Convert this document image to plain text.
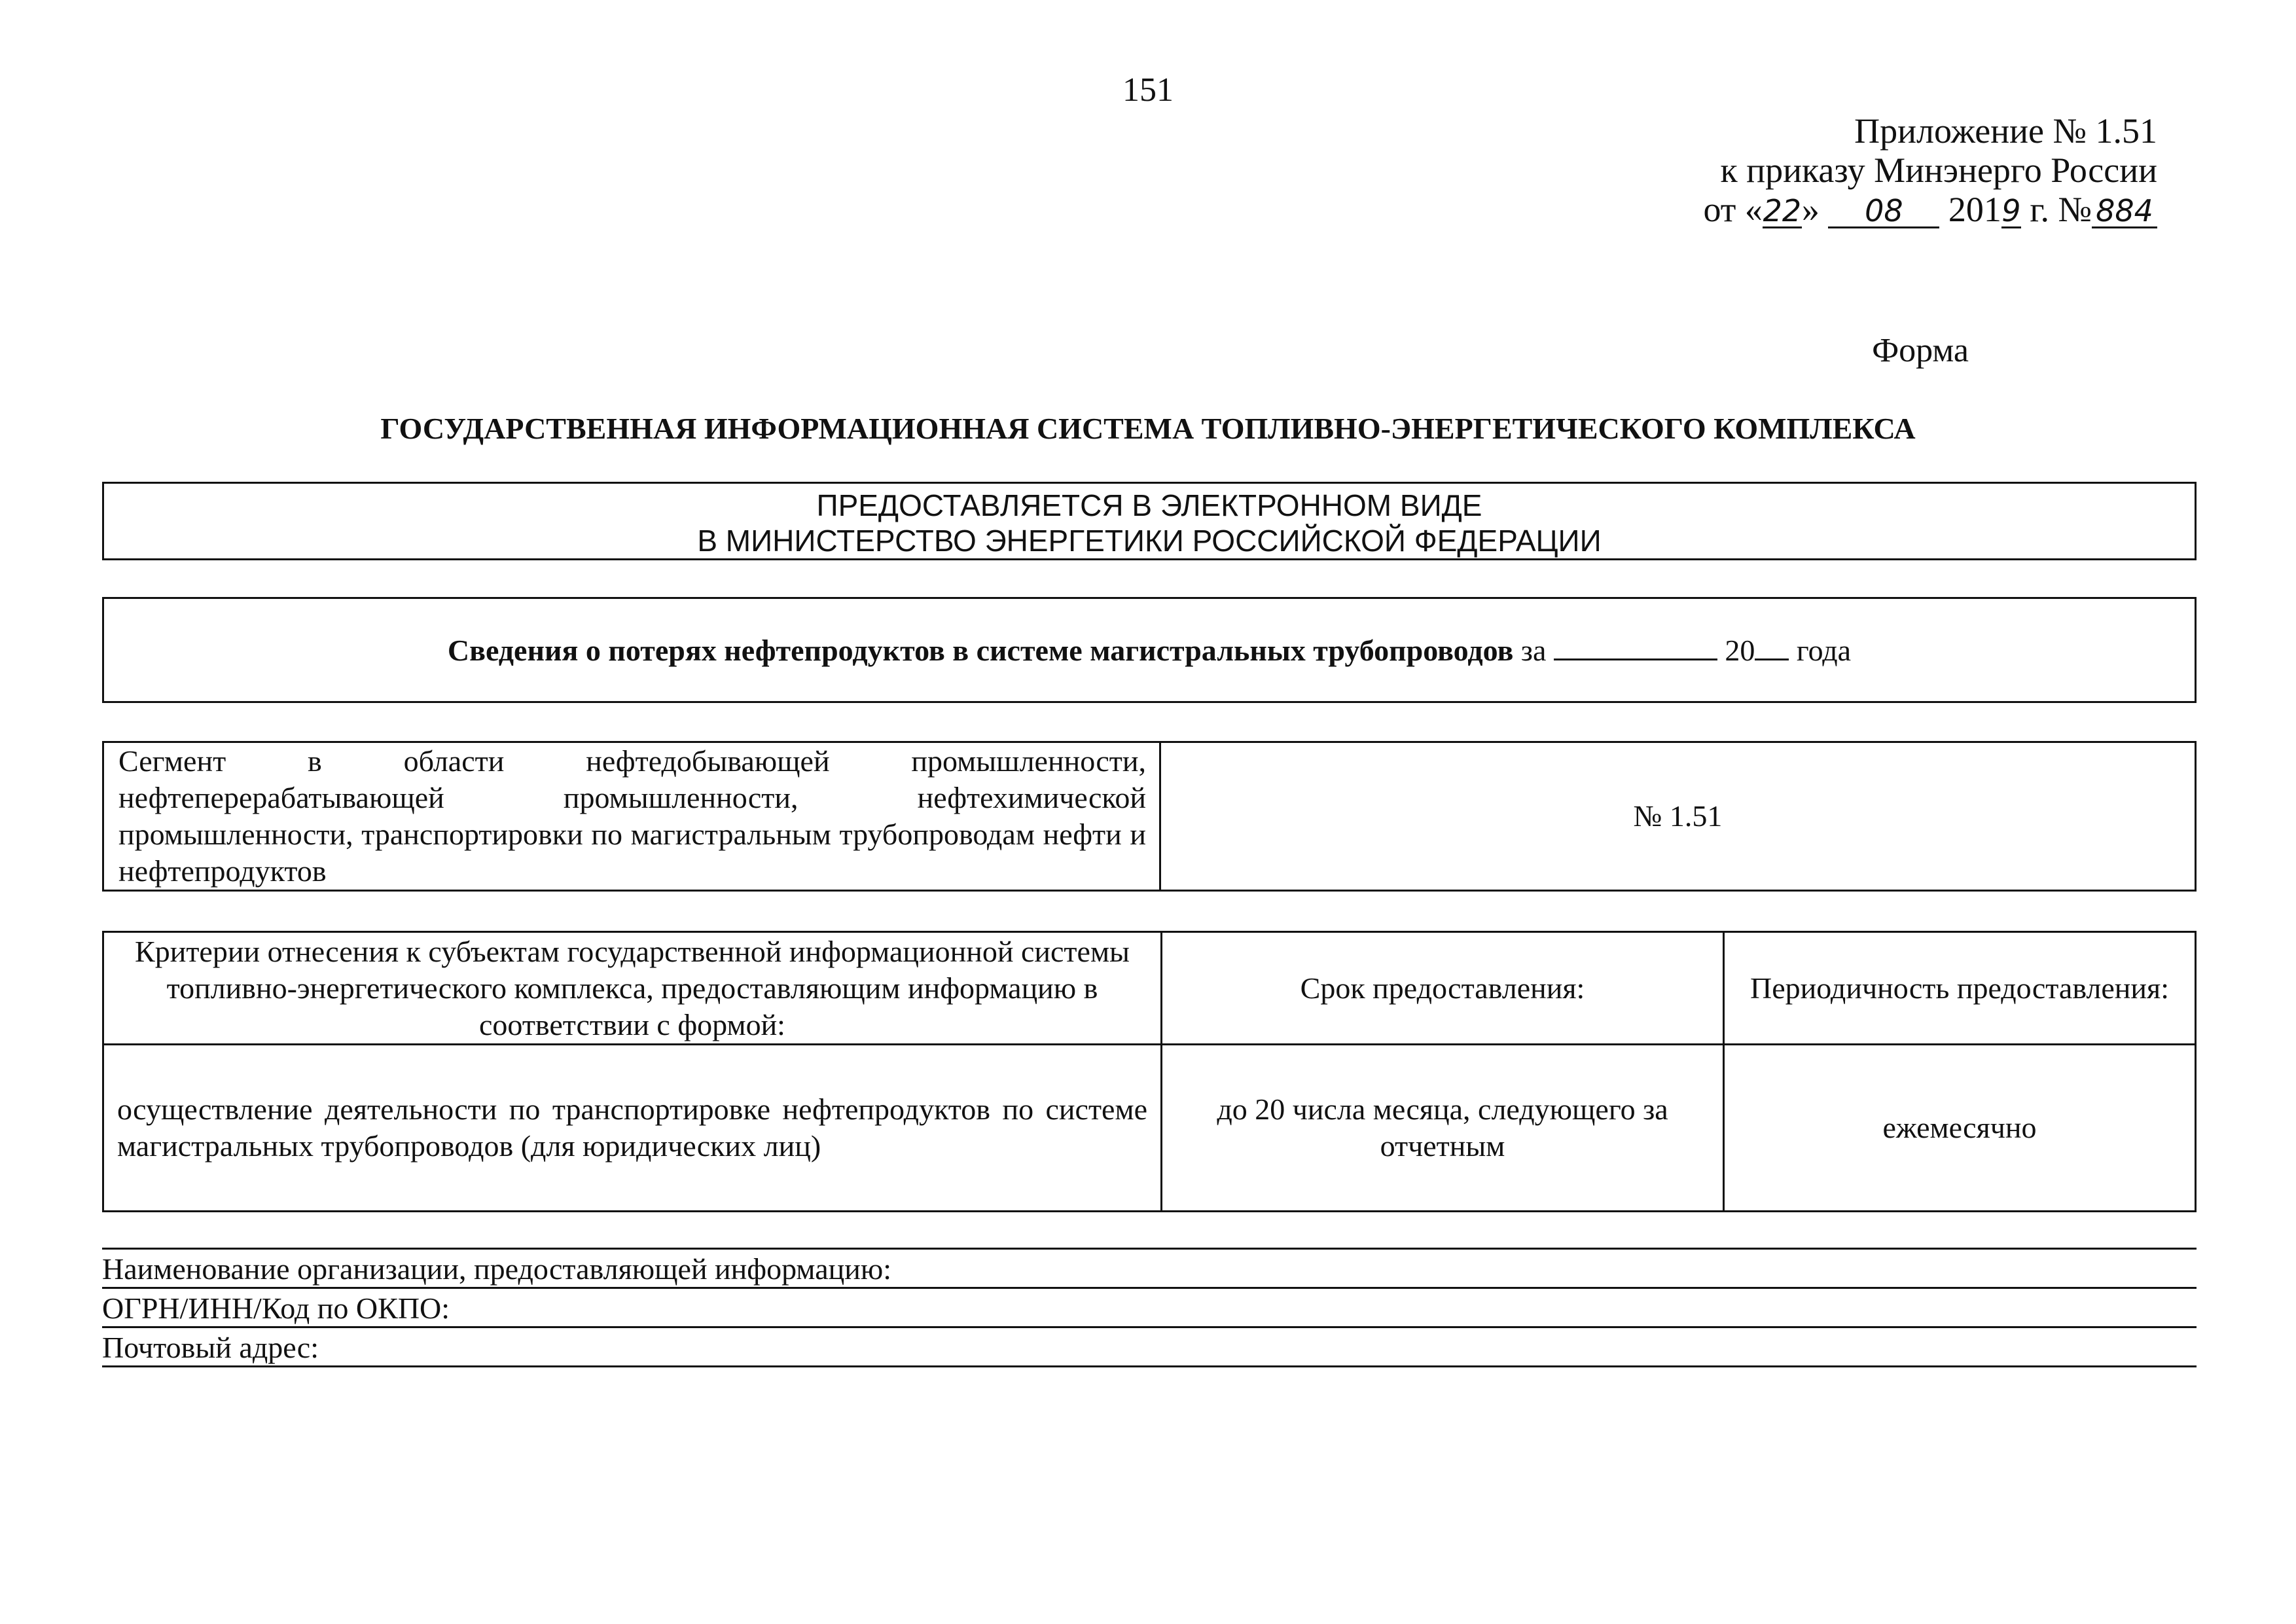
151
Приложение № 1.51
к приказу Минэнерго России
от «22» 08 2019 г. № 884
Форма
ГОСУДАРСТВЕННАЯ ИНФОРМАЦИОННАЯ СИСТЕМА ТОПЛИВНО-ЭНЕРГЕТИЧЕСКОГО КОМПЛЕКСА
ПРЕДОСТАВЛЯЕТСЯ В ЭЛЕКТРОННОМ ВИДЕ
В МИНИСТЕРСТВО ЭНЕРГЕТИКИ РОССИЙСКОЙ ФЕДЕРАЦИИ
Сведения о потерях нефтепродуктов в системе магистральных трубопроводов за	20 года
Сегмент в области нефтедобывающей промышленности, нефтеперерабатывающей промышленности, нефтехимической промышленности, транспортировки по магистральным трубопроводам нефти и нефтепродуктов	№ 1.51
Критерии отнесения к субъектам государственной информационной системы топливно-энергетического комплекса, предоставляющим информацию в соответствии с формой:	Срок предоставления:	Периодичность предоставления:
осуществление деятельности по транспортировке нефтепродуктов по системе магистральных трубопроводов (для юридических лиц)	до 20 числа месяца, следующего за отчетным	ежемесячно
Наименование организации, предоставляющей информацию:
ОГРН/ИНН/Код по ОКПО:
Почтовый адрес:
